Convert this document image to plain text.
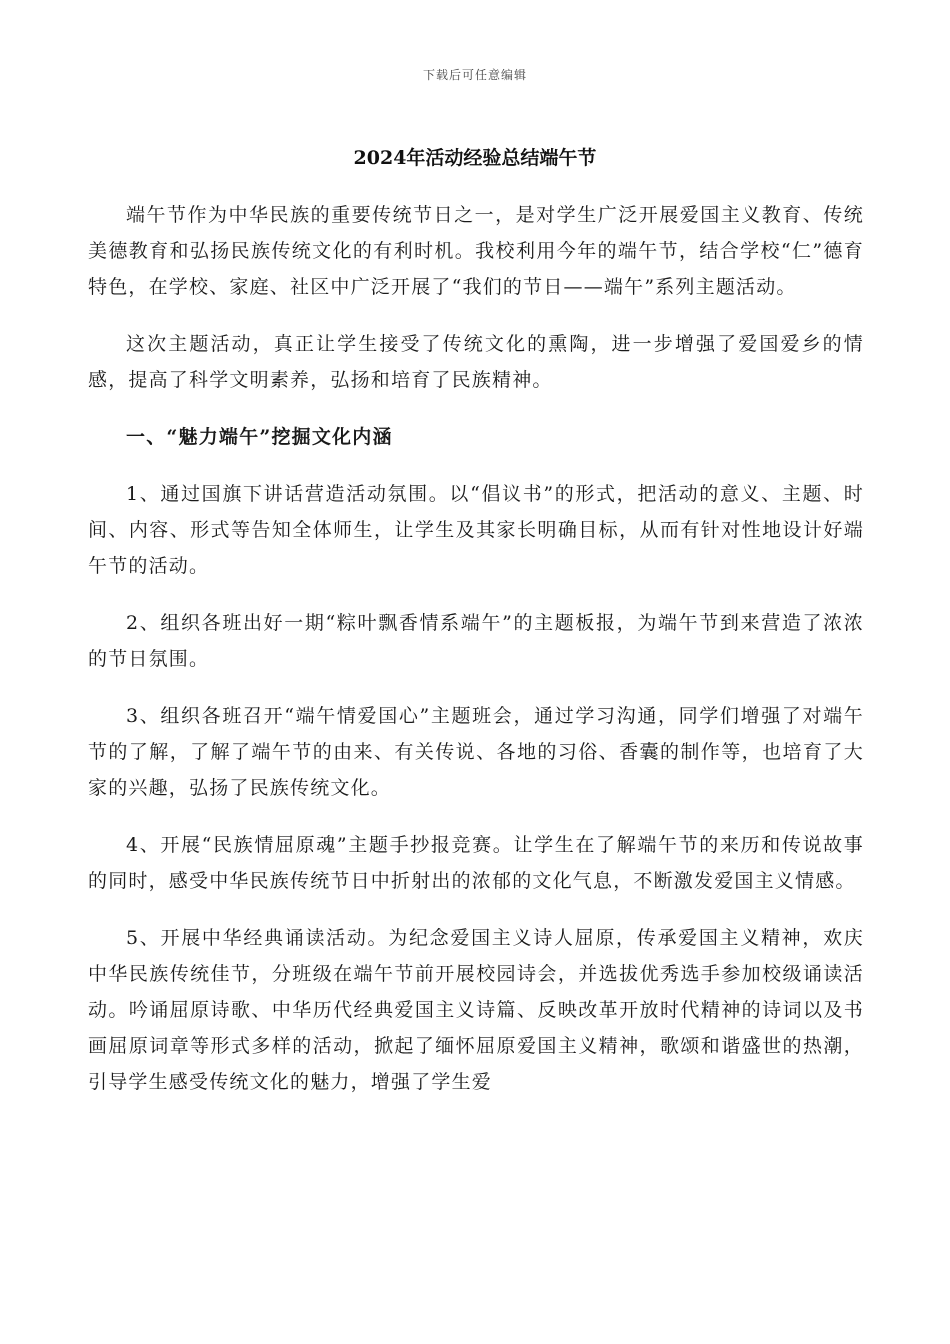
下载后可任意编辑
2024年活动经验总结端午节

端午节作为中华民族的重要传统节日之一，是对学生广泛开展爱国主义教育、传统美德教育和弘扬民族传统文化的有利时机。我校利用今年的端午节，结合学校“仁”德育特色，在学校、家庭、社区中广泛开展了“我们的节日——端午”系列主题活动。

这次主题活动，真正让学生接受了传统文化的熏陶，进一步增强了爱国爱乡的情感，提高了科学文明素养，弘扬和培育了民族精神。

一、“魅力端午”挖掘文化内涵

1、通过国旗下讲话营造活动氛围。以“倡议书”的形式，把活动的意义、主题、时间、内容、形式等告知全体师生，让学生及其家长明确目标，从而有针对性地设计好端午节的活动。

2、组织各班出好一期“粽叶飘香情系端午”的主题板报，为端午节到来营造了浓浓的节日氛围。

3、组织各班召开“端午情爱国心”主题班会，通过学习沟通，同学们增强了对端午节的了解，了解了端午节的由来、有关传说、各地的习俗、香囊的制作等，也培育了大家的兴趣，弘扬了民族传统文化。

4、开展“民族情屈原魂”主题手抄报竞赛。让学生在了解端午节的来历和传说故事的同时，感受中华民族传统节日中折射出的浓郁的文化气息，不断激发爱国主义情感。

5、开展中华经典诵读活动。为纪念爱国主义诗人屈原，传承爱国主义精神，欢庆中华民族传统佳节，分班级在端午节前开展校园诗会，并选拔优秀选手参加校级诵读活动。吟诵屈原诗歌、中华历代经典爱国主义诗篇、反映改革开放时代精神的诗词以及书画屈原词章等形式多样的活动，掀起了缅怀屈原爱国主义精神，歌颂和谐盛世的热潮，引导学生感受传统文化的魅力，增强了学生爱
